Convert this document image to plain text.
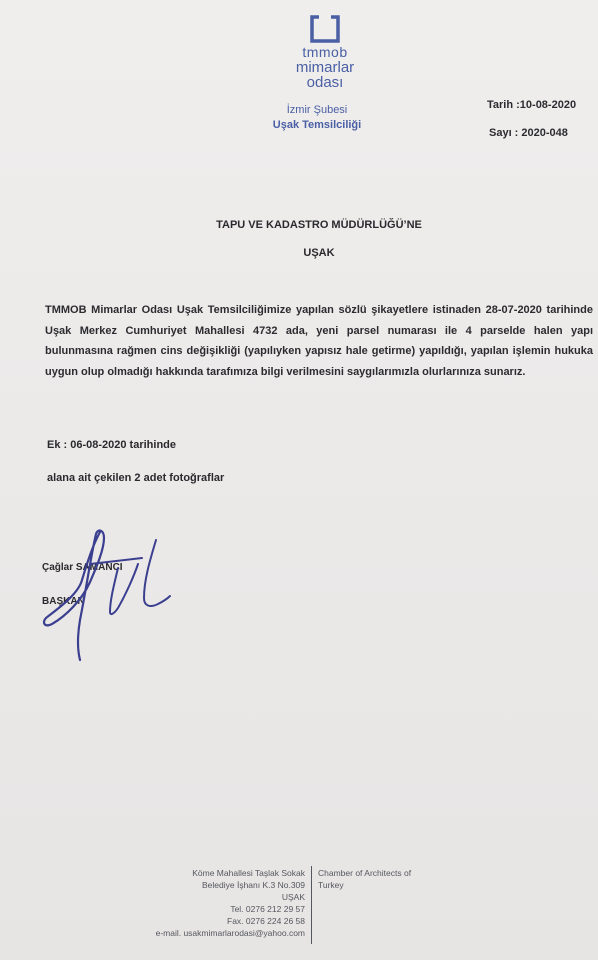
tmmob
mimarlar
odası
İzmir Şubesi
Uşak Temsilciliği
Tarih :10-08-2020
Sayı : 2020-048
TAPU VE KADASTRO MÜDÜRLÜĞÜ’NE
UŞAK
TMMOB Mimarlar Odası Uşak Temsilciliğimize yapılan sözlü şikayetlere istinaden 28-07-2020 tarihinde Uşak Merkez Cumhuriyet Mahallesi 4732 ada, yeni parsel numarası ile 4 parselde halen yapı bulunmasına rağmen cins değişikliği (yapılıyken yapısız hale getirme) yapıldığı, yapılan işlemin hukuka uygun olup olmadığı hakkında tarafımıza bilgi verilmesini saygılarımızla olurlarınıza sunarız.
Ek : 06-08-2020 tarihinde
alana ait çekilen 2 adet fotoğraflar
Çağlar SAMANCI
BAŞKAN
Köme Mahallesi Taşlak Sokak
Belediye İşhanı K.3 No.309
UŞAK
Tel. 0276 212 29 57
Fax. 0276 224 26 58
e-mail. usakmimarlarodasi@yahoo.com
Chamber of Architects of
Turkey
